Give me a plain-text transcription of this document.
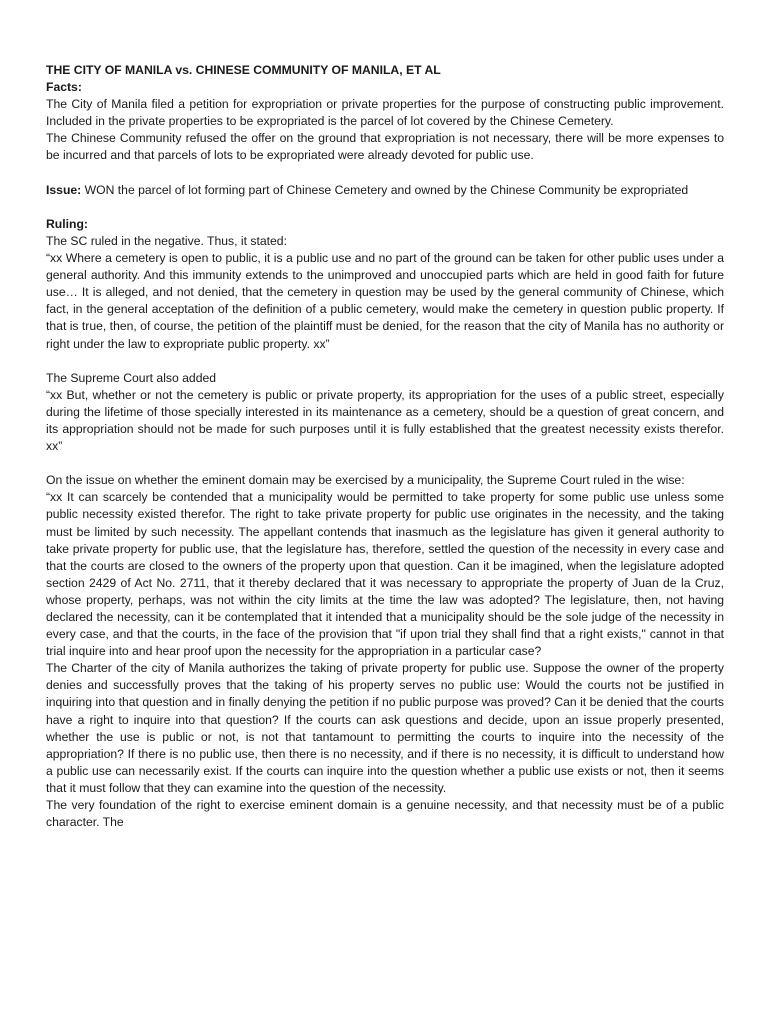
THE CITY OF MANILA vs. CHINESE COMMUNITY OF MANILA, ET AL

Facts:

The City of Manila filed a petition for expropriation or private properties for the purpose of constructing public improvement. Included in the private properties to be expropriated is the parcel of lot covered by the Chinese Cemetery.

The Chinese Community refused the offer on the ground that expropriation is not necessary, there will be more expenses to be incurred and that parcels of lots to be expropriated were already devoted for public use.

Issue: WON the parcel of lot forming part of Chinese Cemetery and owned by the Chinese Community be expropriated

Ruling:

The SC ruled in the negative. Thus, it stated:

“xx Where a cemetery is open to public, it is a public use and no part of the ground can be taken for other public uses under a general authority. And this immunity extends to the unimproved and unoccupied parts which are held in good faith for future use… It is alleged, and not denied, that the cemetery in question may be used by the general community of Chinese, which fact, in the general acceptation of the definition of a public cemetery, would make the cemetery in question public property. If that is true, then, of course, the petition of the plaintiff must be denied, for the reason that the city of Manila has no authority or right under the law to expropriate public property. xx”

The Supreme Court also added

“xx But, whether or not the cemetery is public or private property, its appropriation for the uses of a public street, especially during the lifetime of those specially interested in its maintenance as a cemetery, should be a question of great concern, and its appropriation should not be made for such purposes until it is fully established that the greatest necessity exists therefor. xx”

On the issue on whether the eminent domain may be exercised by a municipality, the Supreme Court ruled in the wise:

“xx It can scarcely be contended that a municipality would be permitted to take property for some public use unless some public necessity existed therefor. The right to take private property for public use originates in the necessity, and the taking must be limited by such necessity. The appellant contends that inasmuch as the legislature has given it general authority to take private property for public use, that the legislature has, therefore, settled the question of the necessity in every case and that the courts are closed to the owners of the property upon that question. Can it be imagined, when the legislature adopted section 2429 of Act No. 2711, that it thereby declared that it was necessary to appropriate the property of Juan de la Cruz, whose property, perhaps, was not within the city limits at the time the law was adopted? The legislature, then, not having declared the necessity, can it be contemplated that it intended that a municipality should be the sole judge of the necessity in every case, and that the courts, in the face of the provision that "if upon trial they shall find that a right exists," cannot in that trial inquire into and hear proof upon the necessity for the appropriation in a particular case?

The Charter of the city of Manila authorizes the taking of private property for public use. Suppose the owner of the property denies and successfully proves that the taking of his property serves no public use: Would the courts not be justified in inquiring into that question and in finally denying the petition if no public purpose was proved? Can it be denied that the courts have a right to inquire into that question? If the courts can ask questions and decide, upon an issue properly presented, whether the use is public or not, is not that tantamount to permitting the courts to inquire into the necessity of the appropriation? If there is no public use, then there is no necessity, and if there is no necessity, it is difficult to understand how a public use can necessarily exist. If the courts can inquire into the question whether a public use exists or not, then it seems that it must follow that they can examine into the question of the necessity.

The very foundation of the right to exercise eminent domain is a genuine necessity, and that necessity must be of a public character. The
